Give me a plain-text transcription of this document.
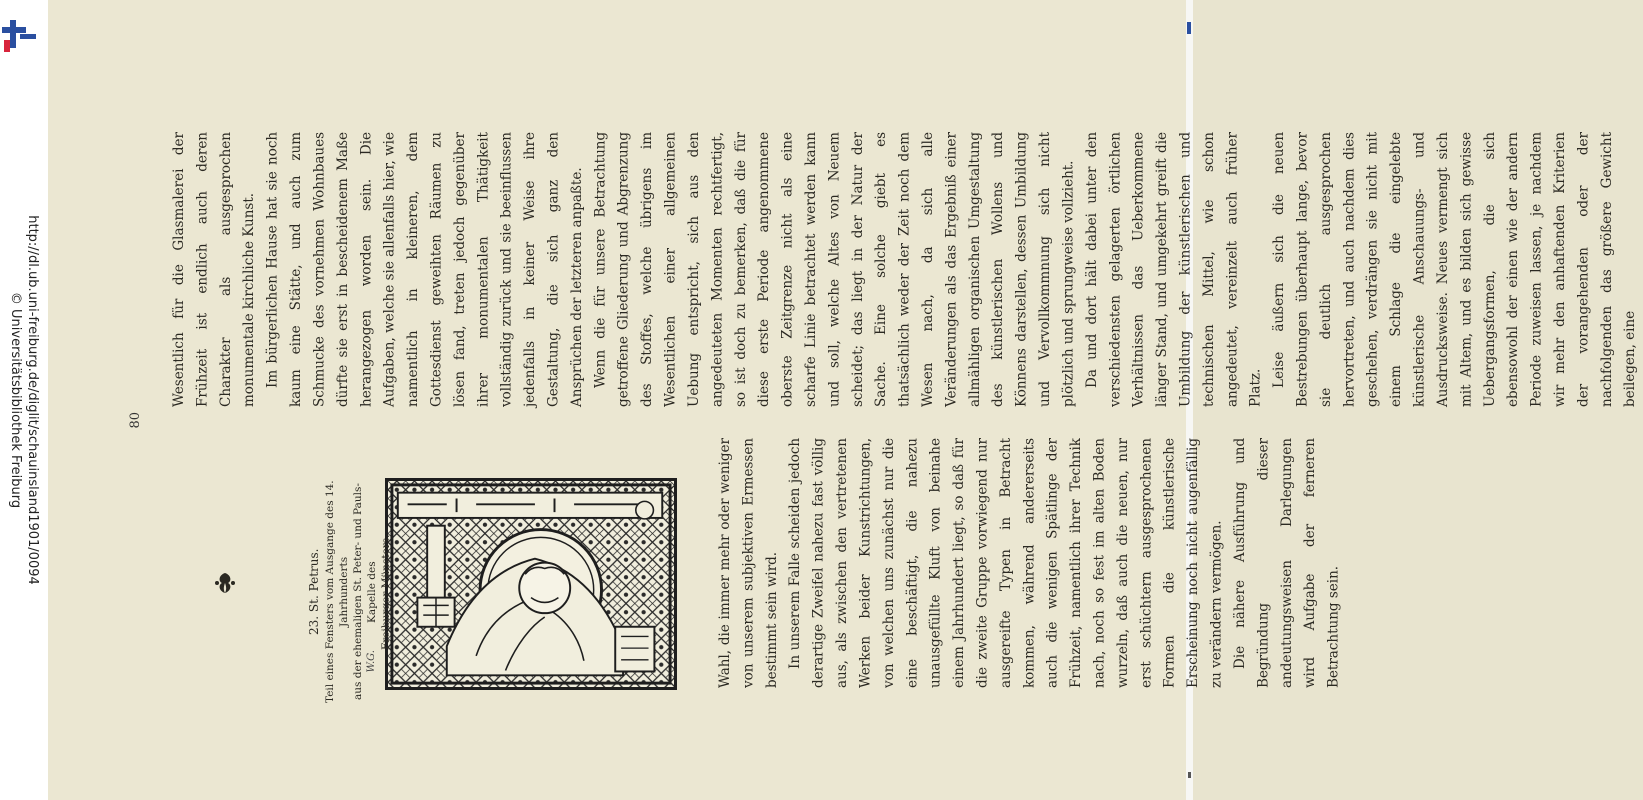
http://dl.ub.uni-freiburg.de/diglit/schauinsland1901/0094
© Universitätsbibliothek Freiburg	Wesentlich für die Glasmalerei der Frühzeit ist endlich auch deren Charakter als ausgesprochen monumentale kirchliche Kunst. Im bürgerlichen Hause hat sie noch kaum eine Stätte, und auch zum Schmucke des vornehmen Wohnbaues dürfte sie erst in bescheidenem Maße herangezogen worden sein. Die Aufgaben, welche sie allenfalls hier, wie namentlich in kleineren, dem Gottesdienst geweihten Räumen zu lösen fand, treten jedoch gegenüber ihrer monumentalen Thätigkeit vollständig zurück und sie beeinflussen jedenfalls in keiner Weise ihre Gestaltung, die sich ganz den Ansprüchen der letzteren anpaßte. Wenn die für unsere Betrachtung getroffene Gliederung und Abgrenzung des Stoffes, welche übrigens im Wesentlichen einer allgemeinen Uebung entspricht, sich aus den angedeuteten Momenten rechtfertigt, so ist doch zu bemerken, daß die für diese erste Periode angenommene oberste Zeitgrenze nicht als eine scharfe Linie betrachtet werden kann und soll, welche Altes von Neuem scheidet; das liegt in der Natur der Sache. Eine solche giebt es thatsächlich weder der Zeit noch dem Wesen nach, da sich alle Veränderungen als das Ergebniß einer allmähligen organischen Umgestaltung des künstlerischen Wollens und Könnens darstellen, dessen Umbildung und Vervollkommnung sich nicht plötzlich und sprungweise vollzieht. Da und dort hält dabei unter den verschiedensten gelagerten örtlichen Verhältnissen das Ueberkommene länger Stand, und umgekehrt greift die Umbildung der künstlerischen und technischen Mittel, wie schon angedeutet, vereinzelt auch früher Platz. Leise äußern sich die neuen Bestrebungen überhaupt lange, bevor sie deutlich ausgesprochen hervortreten, und auch nachdem dies geschehen, verdrängen sie nicht mit einem Schlage die eingelebte künstlerische Anschauungs- und Ausdrucksweise. Neues vermengt sich mit Altem, und es bilden sich gewisse Uebergangsformen, die sich ebensowohl der einen wie der andern Periode zuweisen lassen, je nachdem wir mehr den anhaftenden Kriterien der vorangehenden oder der nachfolgenden das größere Gewicht beilegen, eine

Wahl, die immer mehr oder weniger von unserem subjektiven Ermessen bestimmt sein wird. In unserem Falle scheiden jedoch derartige Zweifel nahezu fast völlig aus, als zwischen den vertretenen Werken beider Kunstrichtungen, von welchen uns zunächst nur die eine beschäftigt, die nahezu unausgefüllte Kluft von beinahe einem Jahrhundert liegt, so daß für die zweite Gruppe vorwiegend nur ausgereifte Typen in Betracht kommen, während andererseits auch die wenigen Spätlinge der Frühzeit, namentlich ihrer Technik nach, noch so fest im alten Boden wurzeln, daß auch die neuen, nur erst schüchtern ausgesprochenen Formen die künstlerische Erscheinung noch nicht augenfällig zu verändern vermögen. Die nähere Ausführung und Begründung dieser andeutungsweisen Darlegungen wird Aufgabe der ferneren Betrachtung sein.

80
23. St. Petrus. Teil eines Fensters vom Ausgange des 14. Jahrhunderts aus der ehemaligen St. Peter- und Pauls-Kapelle des Freiburger Münsters.
W.G.
